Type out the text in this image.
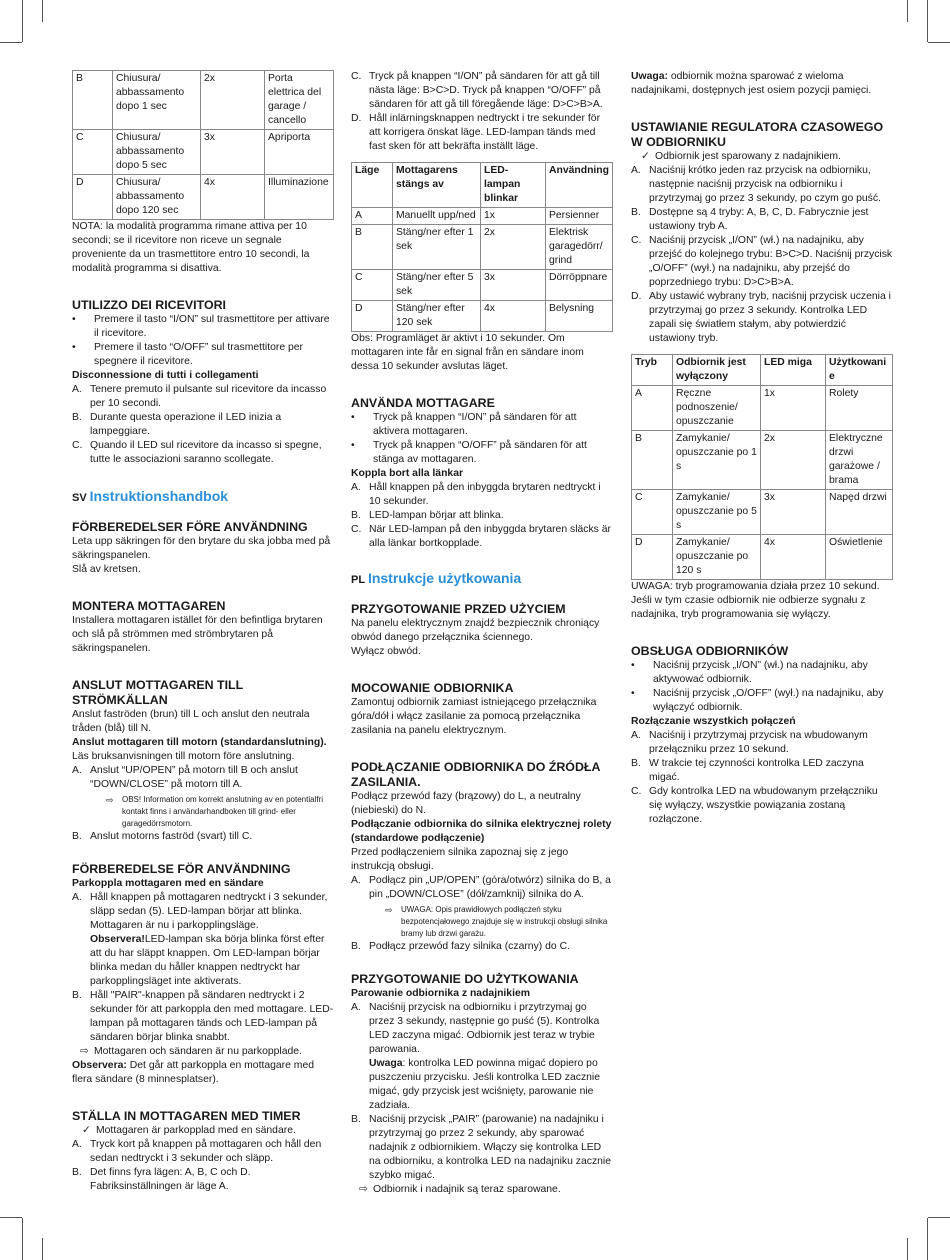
B	Chiusura/ abbassamento dopo 1 sec	2x	Porta elettrica del garage / cancello
C	Chiusura/ abbassamento dopo 5 sec	3x	Apriporta
D	Chiusura/ abbassamento dopo 120 sec	4x	Illuminazione

NOTA: la modalità programma rimane attiva per 10 secondi; se il ricevitore non riceve un segnale proveniente da un trasmettitore entro 10 secondi, la modalità programma si disattiva.

UTILIZZO DEI RICEVITORI
•	Premere il tasto “I/ON” sul trasmettitore per attivare il ricevitore.
•	Premere il tasto “O/OFF” sul trasmettitore per spegnere il ricevitore.

Disconnessione di tutti i collegamenti

A. Tenere premuto il pulsante sul ricevitore da incasso per 10 secondi.
B. Durante questa operazione il LED inizia a lampeggiare.
C. Quando il LED sul ricevitore da incasso si spegne, tutte le associazioni saranno scollegate.
SV Instruktionshandbok
FÖRBEREDELSER FÖRE ANVÄNDNING

Leta upp säkringen för den brytare du ska jobba med på säkringspanelen.

Slå av kretsen.

MONTERA MOTTAGAREN

Installera mottagaren istället för den befintliga brytaren och slå på strömmen med strömbrytaren på säkringspanelen.

ANSLUT MOTTAGAREN TILL STRÖMKÄLLAN

Anslut faströden (brun) till L och anslut den neutrala tråden (blå) till N.

Anslut mottagaren till motorn (standardanslutning).

Läs bruksanvisningen till motorn före anslutning.

A. Anslut “UP/OPEN” på motorn till B och anslut “DOWN/CLOSE” på motorn till A.
⇨ OBS! Information om korrekt anslutning av en potentialfri kontakt finns i användarhandboken till grind- eller garagedörrsmotorn.
B. Anslut motorns faströd (svart) till C.
FÖRBEREDELSE FÖR ANVÄNDNING

Parkoppla mottagaren med en sändare

A. Håll knappen på mottagaren nedtryckt i 3 sekunder, släpp sedan (5). LED-lampan börjar att blinka. Mottagaren är nu i parkopplingsläge.
Observera!LED-lampan ska börja blinka först efter att du har släppt knappen. Om LED-lampan börjar blinka medan du håller knappen nedtryckt har parkopplingsläget inte aktiverats.
B. Håll "PAIR"-knappen på sändaren nedtryckt i 2 sekunder för att parkoppla den med mottagare. LED-lampan på mottagaren tänds och LED-lampan på sändaren börjar blinka snabbt.
⇨ Mottagaren och sändaren är nu parkopplade.

Observera: Det går att parkoppla en mottagare med flera sändare (8 minnesplatser).

STÄLLA IN MOTTAGAREN MED TIMER
✓ Mottagaren är parkopplad med en sändare.
A. Tryck kort på knappen på mottagaren och håll den sedan nedtryckt i 3 sekunder och släpp.
B. Det finns fyra lägen: A, B, C och D. Fabriksinställningen är läge A.
C. Tryck på knappen “I/ON” på sändaren för att gå till nästa läge: B>C>D. Tryck på knappen “O/OFF” på sändaren för att gå till föregående läge: D>C>B>A.
D. Håll inlärningsknappen nedtryckt i tre sekunder för att korrigera önskat läge. LED-lampan tänds med fast sken för att bekräfta inställt läge.
Läge	Mottagarens stängs av	LED-lampan blinkar	Användning
A	Manuellt upp/ned	1x	Persienner
B	Stäng/ner efter 1 sek	2x	Elektrisk garagedörr/ grind
C	Stäng/ner efter 5 sek	3x	Dörröppnare
D	Stäng/ner efter 120 sek	4x	Belysning

Obs: Programläget är aktivt i 10 sekunder. Om mottagaren inte får en signal från en sändare inom dessa 10 sekunder avslutas läget.

ANVÄNDA MOTTAGARE
•	Tryck på knappen “I/ON” på sändaren för att aktivera mottagaren.
•	Tryck på knappen “O/OFF” på sändaren för att stänga av mottagaren.

Koppla bort alla länkar

A. Håll knappen på den inbyggda brytaren nedtryckt i 10 sekunder.
B. LED-lampan börjar att blinka.
C. När LED-lampan på den inbyggda brytaren släcks är alla länkar bortkopplade.
PL Instrukcje użytkowania
PRZYGOTOWANIE PRZED UŻYCIEM

Na panelu elektrycznym znajdź bezpiecznik chroniący obwód danego przełącznika ściennego.

Wyłącz obwód.

MOCOWANIE ODBIORNIKA

Zamontuj odbiornik zamiast istniejącego przełącznika góra/dół i włącz zasilanie za pomocą przełącznika zasilania na panelu elektrycznym.

PODŁĄCZANIE ODBIORNIKA DO ŹRÓDŁA ZASILANIA.

Podłącz przewód fazy (brązowy) do L, a neutralny (niebieski) do N.

Podłączanie odbiornika do silnika elektrycznej rolety (standardowe podłączenie)

Przed podłączeniem silnika zapoznaj się z jego instrukcją obsługi.

A. Podłącz pin „UP/OPEN” (góra/otwórz) silnika do B, a pin „DOWN/CLOSE” (dół/zamknij) silnika do A.
⇨ UWAGA: Opis prawidłowych podłączeń styku bezpotencjałowego znajduje się w instrukcji obsługi silnika bramy lub drzwi garażu.
B. Podłącz przewód fazy silnika (czarny) do C.
PRZYGOTOWANIE DO UŻYTKOWANIA

Parowanie odbiornika z nadajnikiem

A. Naciśnij przycisk na odbiorniku i przytrzymaj go przez 3 sekundy, następnie go puść (5). Kontrolka LED zaczyna migać. Odbiornik jest teraz w trybie parowania.
Uwaga: kontrolka LED powinna migać dopiero po puszczeniu przycisku. Jeśli kontrolka LED zacznie migać, gdy przycisk jest wciśnięty, parowanie nie zadziała.
B. Naciśnij przycisk „PAIR” (parowanie) na nadajniku i przytrzymaj go przez 2 sekundy, aby sparować nadajnik z odbiornikiem. Włączy się kontrolka LED na odbiorniku, a kontrolka LED na nadajniku zacznie szybko migać.
⇨ Odbiornik i nadajnik są teraz sparowane.

Uwaga: odbiornik można sparować z wieloma nadajnikami, dostępnych jest osiem pozycji pamięci.

USTAWIANIE REGULATORA CZASOWEGO W ODBIORNIKU
✓ Odbiornik jest sparowany z nadajnikiem.
A. Naciśnij krótko jeden raz przycisk na odbiorniku, następnie naciśnij przycisk na odbiorniku i przytrzymaj go przez 3 sekundy, po czym go puść.
B. Dostępne są 4 tryby: A, B, C, D. Fabrycznie jest ustawiony tryb A.
C. Naciśnij przycisk „I/ON” (wł.) na nadajniku, aby przejść do kolejnego trybu: B>C>D. Naciśnij przycisk „O/OFF” (wył.) na nadajniku, aby przejść do poprzedniego trybu: D>C>B>A.
D. Aby ustawić wybrany tryb, naciśnij przycisk uczenia i przytrzymaj go przez 3 sekundy. Kontrolka LED zapali się światłem stałym, aby potwierdzić ustawiony tryb.
Tryb	Odbiornik jest wyłączony	LED miga	Użytkowani e
A	Ręczne podnoszenie/ opuszczanie	1x	Rolety
B	Zamykanie/ opuszczanie po 1 s	2x	Elektryczne drzwi garażowe / brama
C	Zamykanie/ opuszczanie po 5 s	3x	Napęd drzwi
D	Zamykanie/ opuszczanie po 120 s	4x	Oświetlenie

UWAGA: tryb programowania działa przez 10 sekund. Jeśli w tym czasie odbiornik nie odbierze sygnału z nadajnika, tryb programowania się wyłączy.

OBSŁUGA ODBIORNIKÓW
•	Naciśnij przycisk „I/ON” (wł.) na nadajniku, aby aktywować odbiornik.
•	Naciśnij przycisk „O/OFF” (wył.) na nadajniku, aby wyłączyć odbiornik.

Rozłączanie wszystkich połączeń

A. Naciśnij i przytrzymaj przycisk na wbudowanym przełączniku przez 10 sekund.
B. W trakcie tej czynności kontrolka LED zaczyna migać.
C. Gdy kontrolka LED na wbudowanym przełączniku się wyłączy, wszystkie powiązania zostaną rozłączone.
